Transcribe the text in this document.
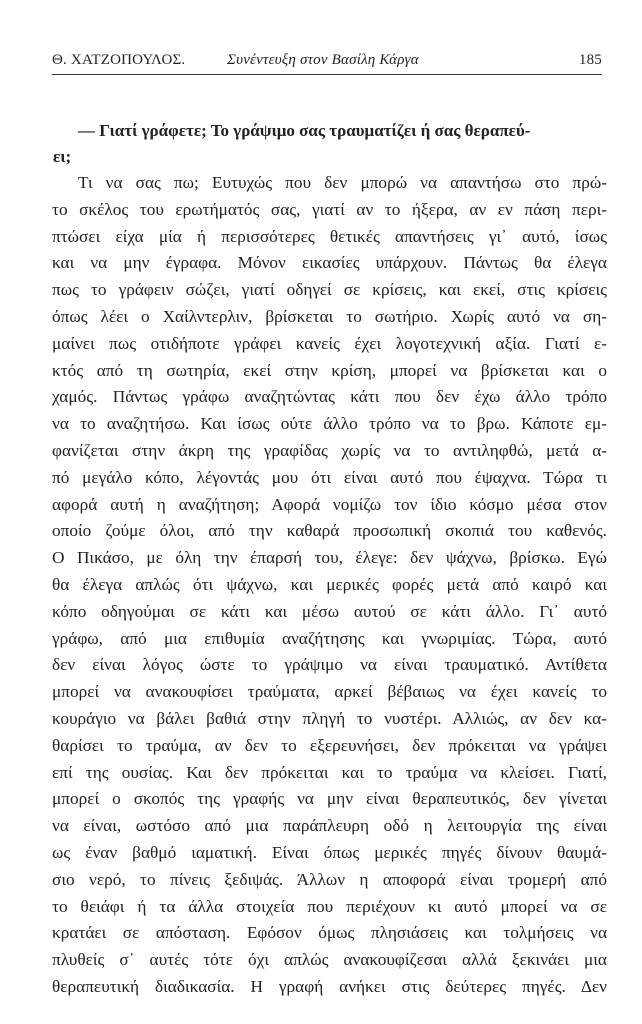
Θ. ΧΑΤΖΟΠΟΥΛΟΣ.	Συνέντευξη στον Βασίλη Κάργα	185

— Γιατί γράφετε; Το γράψιμο σας τραυματίζει ή σας θεραπεύ-
ει;

Τι να σας πω; Ευτυχώς που δεν μπορώ να απαντήσω στο πρώ-
το σκέλος του ερωτήματός σας, γιατί αν το ήξερα, αν εν πάση περι-
πτώσει είχα μία ή περισσότερες θετικές απαντήσεις γι᾽ αυτό, ίσως
και να μην έγραφα. Μόνον εικασίες υπάρχουν. Πάντως θα έλεγα
πως το γράφειν σώζει, γιατί οδηγεί σε κρίσεις, και εκεί, στις κρίσεις
όπως λέει ο Χαίλντερλιν, βρίσκεται το σωτήριο. Χωρίς αυτό να ση-
μαίνει πως οτιδήποτε γράφει κανείς έχει λογοτεχνική αξία. Γιατί ε-
κτός από τη σωτηρία, εκεί στην κρίση, μπορεί να βρίσκεται και ο
χαμός. Πάντως γράφω αναζητώντας κάτι που δεν έχω άλλο τρόπο
να το αναζητήσω. Και ίσως ούτε άλλο τρόπο να το βρω. Κάποτε εμ-
φανίζεται στην άκρη της γραφίδας χωρίς να το αντιληφθώ, μετά α-
πό μεγάλο κόπο, λέγοντάς μου ότι είναι αυτό που έψαχνα. Τώρα τι
αφορά αυτή η αναζήτηση; Αφορά νομίζω τον ίδιο κόσμο μέσα στον
οποίο ζούμε όλοι, από την καθαρά προσωπική σκοπιά του καθενός.
Ο Πικάσο, με όλη την έπαρσή του, έλεγε: δεν ψάχνω, βρίσκω. Εγώ
θα έλεγα απλώς ότι ψάχνω, και μερικές φορές μετά από καιρό και
κόπο οδηγούμαι σε κάτι και μέσω αυτού σε κάτι άλλο. Γι᾽ αυτό
γράφω, από μια επιθυμία αναζήτησης και γνωριμίας. Τώρα, αυτό
δεν είναι λόγος ώστε το γράψιμο να είναι τραυματικό. Αντίθετα
μπορεί να ανακουφίσει τραύματα, αρκεί βέβαιως να έχει κανείς το
κουράγιο να βάλει βαθιά στην πληγή το νυστέρι. Αλλιώς, αν δεν κα-
θαρίσει το τραύμα, αν δεν το εξερευνήσει, δεν πρόκειται να γράψει
επί της ουσίας. Και δεν πρόκειται και το τραύμα να κλείσει. Γιατί,
μπορεί ο σκοπός της γραφής να μην είναι θεραπευτικός, δεν γίνεται
να είναι, ωστόσο από μια παράπλευρη οδό η λειτουργία της είναι
ως έναν βαθμό ιαματική. Είναι όπως μερικές πηγές δίνουν θαυμά-
σιο νερό, το πίνεις ξεδιψάς. Άλλων η αποφορά είναι τρομερή από
το θειάφι ή τα άλλα στοιχεία που περιέχουν κι αυτό μπορεί να σε
κρατάει σε απόσταση. Εφόσον όμως πλησιάσεις και τολμήσεις να
πλυθείς σ᾽ αυτές τότε όχι απλώς ανακουφίζεσαι αλλά ξεκινάει μια
θεραπευτική διαδικασία. Η γραφή ανήκει στις δεύτερες πηγές. Δεν
